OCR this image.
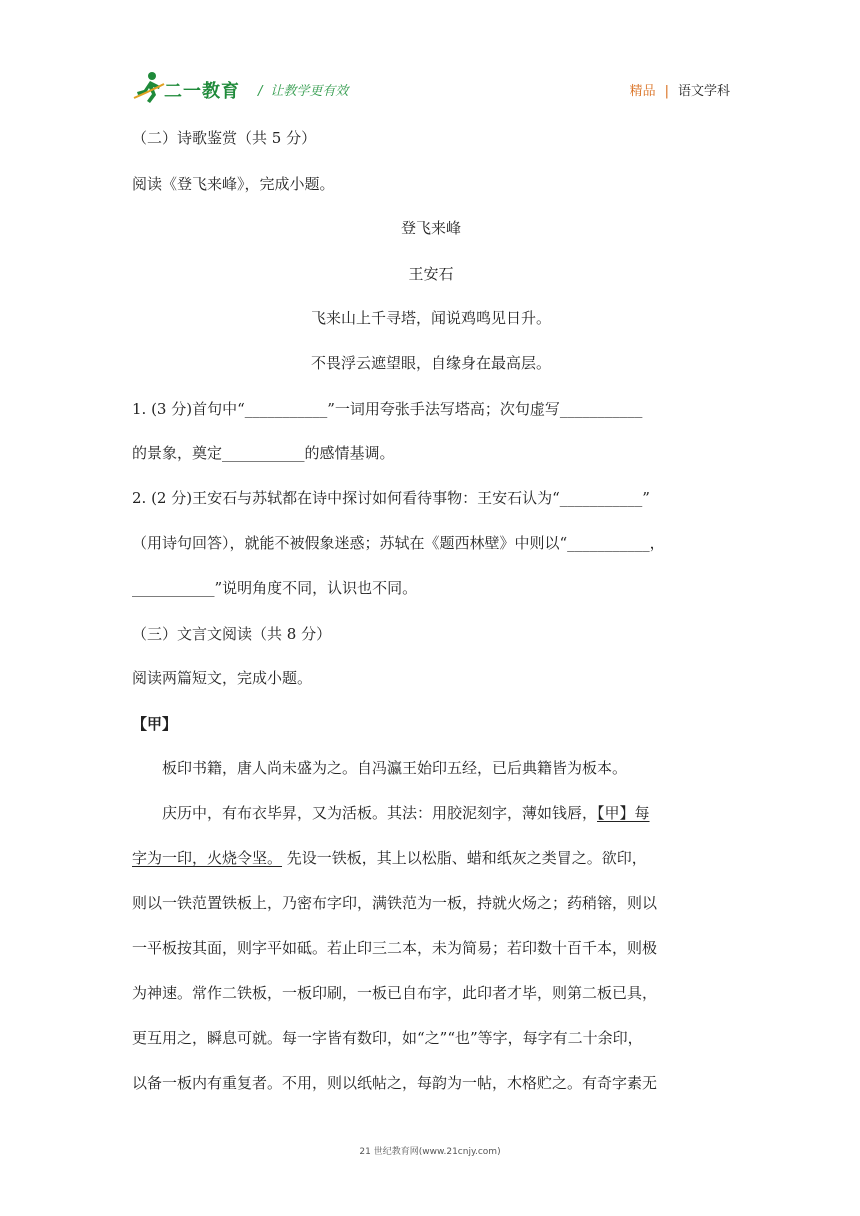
二一教育 / 让教学更有效	精品 | 语文学科

（二）诗歌鉴赏（共 5 分）

阅读《登飞来峰》，完成小题。

登飞来峰

王安石

飞来山上千寻塔，闻说鸡鸣见日升。

不畏浮云遮望眼，自缘身在最高层。

1. (3 分)首句中“___________”一词用夸张手法写塔高；次句虚写___________

的景象，奠定___________的感情基调。

2. (2 分)王安石与苏轼都在诗中探讨如何看待事物：王安石认为“___________”

（用诗句回答），就能不被假象迷惑；苏轼在《题西林壁》中则以“___________，

___________”说明角度不同，认识也不同。

（三）文言文阅读（共 8 分）

阅读两篇短文，完成小题。

【甲】

板印书籍，唐人尚未盛为之。自冯瀛王始印五经，已后典籍皆为板本。

庆历中，有布衣毕昇，又为活板。其法：用胶泥刻字，薄如钱唇，【甲】每

字为一印，火烧令坚。 先设一铁板，其上以松脂、蜡和纸灰之类冒之。欲印，

则以一铁范置铁板上，乃密布字印，满铁范为一板，持就火炀之；药稍镕，则以

一平板按其面，则字平如砥。若止印三二本，未为简易；若印数十百千本，则极

为神速。常作二铁板，一板印刷，一板已自布字，此印者才毕，则第二板已具，

更互用之，瞬息可就。每一字皆有数印，如“之”“也”等字，每字有二十余印，

以备一板内有重复者。不用，则以纸帖之，每韵为一帖，木格贮之。有奇字素无

21 世纪教育网(www.21cnjy.com)
